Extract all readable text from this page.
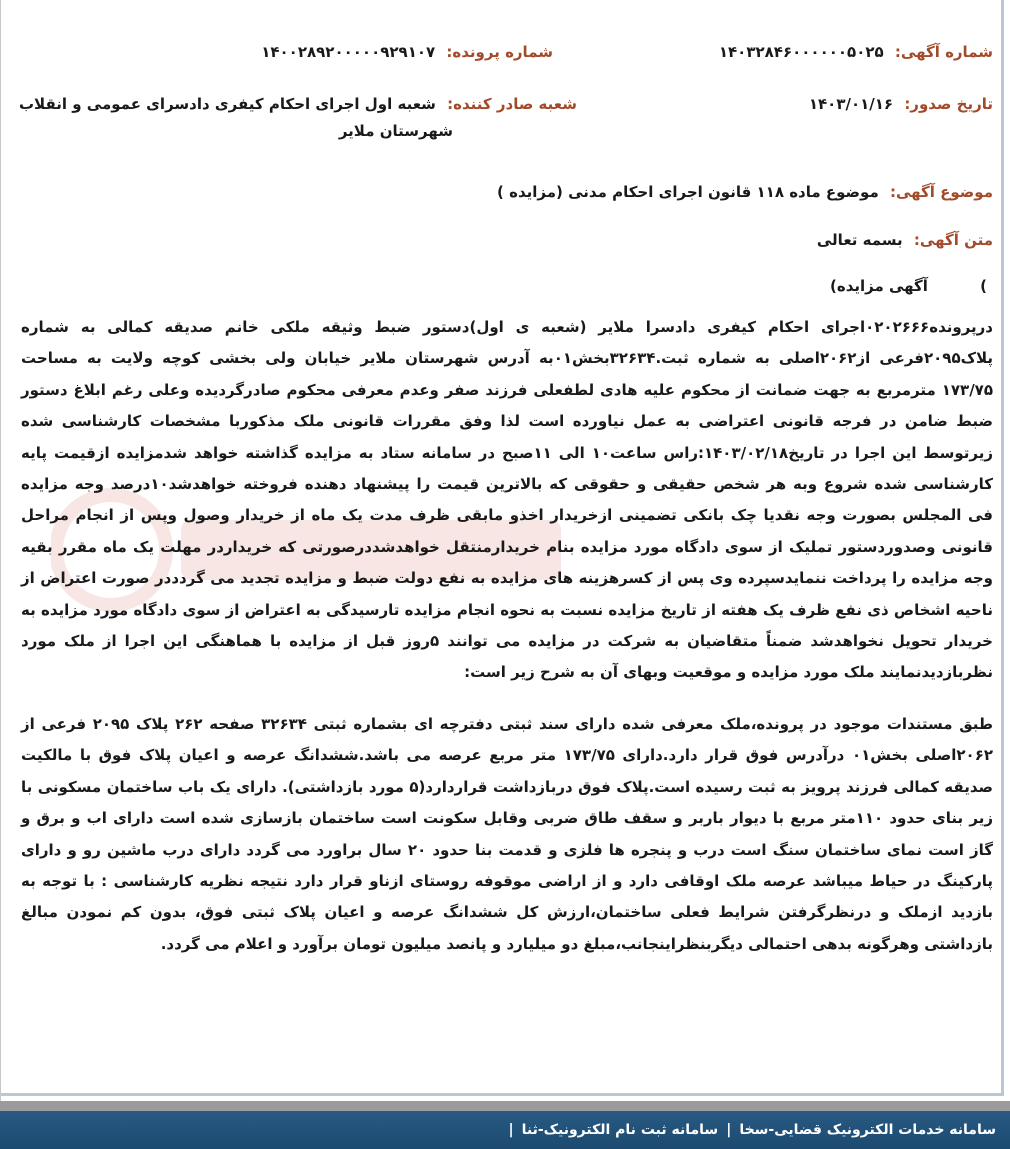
شماره آگهی: ۱۴۰۳۲۸۴۶۰۰۰۰۰۰۵۰۲۵
شماره پرونده: ۱۴۰۰۲۸۹۲۰۰۰۰۰۹۲۹۱۰۷
تاریخ صدور: ۱۴۰۳/۰۱/۱۶
شعبه صادر کننده: شعبه اول اجرای احکام کیفری دادسرای عمومی و انقلاب
شهرستان ملایر
موضوع آگهی: موضوع ماده ۱۱۸ قانون اجرای احکام مدنی (مزایده )
متن آگهی: بسمه تعالی
)          آگهی مزایده)
درپرونده۰۲۰۲۶۶۶اجرای احکام کیفری دادسرا ملایر (شعبه ی اول)دستور ضبط وثیقه ملکی خانم صدیقه کمالی به شماره پلاک۲۰۹۵فرعی از۲۰۶۲اصلی به شماره ثبت.۳۲۶۳۴بخش۰۱به آدرس شهرستان ملایر خیابان ولی بخشی کوچه ولایت به مساحت ۱۷۳/۷۵ مترمربع به جهت ضمانت از محکوم علیه هادی لطفعلی فرزند صفر وعدم معرفی محکوم صادرگردیده وعلی رغم ابلاغ دستور ضبط ضامن در فرجه قانونی اعتراضی به عمل نیاورده است لذا وفق مقررات قانونی ملک مذکوربا مشخصات کارشناسی شده زیرتوسط این اجرا در تاریخ۱۴۰۳/۰۲/۱۸:راس ساعت۱۰ الی ۱۱صبح در سامانه ستاد به مزایده گذاشته خواهد شدمزایده ازقیمت پایه کارشناسی شده شروع وبه هر شخص حقیقی و حقوقی که بالاترین قیمت را پیشنهاد دهنده فروخته خواهدشد۱۰درصد وجه مزایده فی المجلس بصورت وجه نقدیا چک بانکی تضمینی ازخریدار اخذو مابقی ظرف مدت یک ماه از خریدار وصول وپس از انجام مراحل قانونی وصدوردستور تملیک از سوی دادگاه مورد مزایده بنام خریدارمنتقل خواهدشددرصورتی که خریداردر مهلت یک ماه مقرر بقیه وجه مزایده را پرداخت ننمایدسپرده وی پس از کسرهزینه های مزایده به نفع دولت ضبط و مزایده تجدید می گردددر صورت اعتراض از ناحیه اشخاص ذی نفع ظرف یک هفته از تاریخ مزایده نسبت به نحوه انجام مزایده تارسیدگی به اعتراض از سوی دادگاه مورد مزایده به خریدار تحویل نخواهدشد ضمناً متقاضیان به شرکت در مزایده می توانند ۵روز قبل از مزایده با هماهنگی این اجرا از ملک مورد نظربازدیدنمایند ملک مورد مزایده و موقعیت وبهای آن به شرح زیر است:
طبق مستندات موجود در پرونده،ملک معرفی شده دارای سند ثبتی دفترچه ای بشماره ثبتی ۳۲۶۳۴ صفحه ۲۶۲ پلاک ۲۰۹۵ فرعی از ۲۰۶۲اصلی بخش۰۱ درآدرس فوق قرار دارد.دارای ۱۷۳/۷۵ متر مربع عرصه می باشد.ششدانگ عرصه و اعیان پلاک فوق با مالکیت صدیقه کمالی فرزند پرویز به ثبت رسیده است.پلاک فوق دربازداشت قراردارد(۵ مورد بازداشتی). دارای یک باب ساختمان مسکونی با زیر بنای حدود ۱۱۰متر مربع با دیوار باربر و سقف طاق ضربی وقابل سکونت است ساختمان بازسازی شده است دارای اب و برق و گاز است نمای ساختمان سنگ است درب و پنجره ها فلزی و قدمت بنا حدود ۲۰ سال براورد می گردد دارای درب ماشین رو و دارای پارکینگ در حیاط میباشد عرصه ملک اوقافی دارد و از اراضی موقوفه روستای ازناو قرار دارد نتیجه نظریه کارشناسی : با توجه به بازدید ازملک و درنظرگرفتن شرایط فعلی ساختمان،ارزش کل ششدانگ عرصه و اعیان پلاک ثبتی فوق، بدون کم نمودن مبالغ بازداشتی وهرگونه بدهی احتمالی دیگربنظراینجانب،مبلغ دو میلیارد و پانصد میلیون تومان برآورد و اعلام می گردد.
سامانه خدمات الکترونیک قضایی-سخا
|
سامانه ثبت نام الکترونیک-ثنا
|
